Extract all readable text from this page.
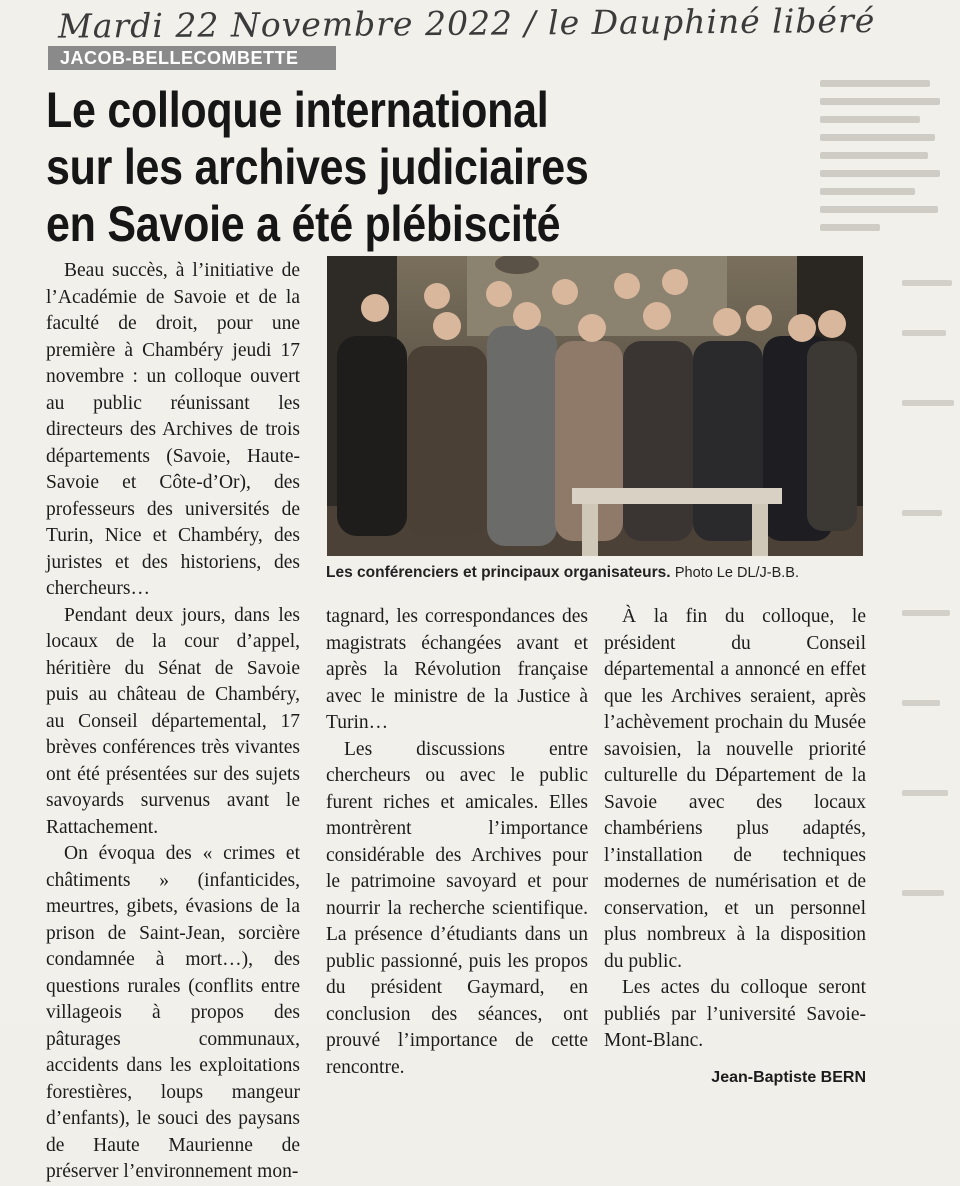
Mardi 22 Novembre 2022 / le Dauphiné libéré
JACOB-BELLECOMBETTE
Le colloque international
sur les archives judiciaires
en Savoie a été plébiscité

Beau succès, à l’initiative de l’Académie de Savoie et de la faculté de droit, pour une première à Chambéry jeudi 17 novembre : un colloque ouvert au public réunissant les directeurs des Archives de trois départements (Savoie, Haute-Savoie et Côte-d’Or), des professeurs des universités de Turin, Nice et Chambéry, des juristes et des historiens, des chercheurs…

Pendant deux jours, dans les locaux de la cour d’appel, héritière du Sénat de Savoie puis au château de Chambéry, au Conseil départemental, 17 brèves conférences très vivantes ont été présentées sur des sujets savoyards survenus avant le Rattachement.

On évoqua des « crimes et châtiments » (infanticides, meurtres, gibets, évasions de la prison de Saint-Jean, sorcière condamnée à mort…), des questions rurales (conflits entre villageois à propos des pâturages communaux, accidents dans les exploitations forestières, loups mangeur d’enfants), le souci des paysans de Haute Maurienne de préserver l’environnement mon-

Les conférenciers et principaux organisateurs. Photo Le DL/J-B.B.

tagnard, les correspondances des magistrats échangées avant et après la Révolution française avec le ministre de la Justice à Turin…

Les discussions entre chercheurs ou avec le public furent riches et amicales. Elles montrèrent l’importance considérable des Archives pour le patrimoine savoyard et pour nourrir la recherche scientifique. La présence d’étudiants dans un public passionné, puis les propos du président Gaymard, en conclusion des séances, ont prouvé l’importance de cette rencontre.

À la fin du colloque, le président du Conseil départemental a annoncé en effet que les Archives seraient, après l’achèvement prochain du Musée savoisien, la nouvelle priorité culturelle du Département de la Savoie avec des locaux chambériens plus adaptés, l’installation de techniques modernes de numérisation et de conservation, et un personnel plus nombreux à la disposition du public.

Les actes du colloque seront publiés par l’université Savoie-Mont-Blanc.

Jean-Baptiste BERN
